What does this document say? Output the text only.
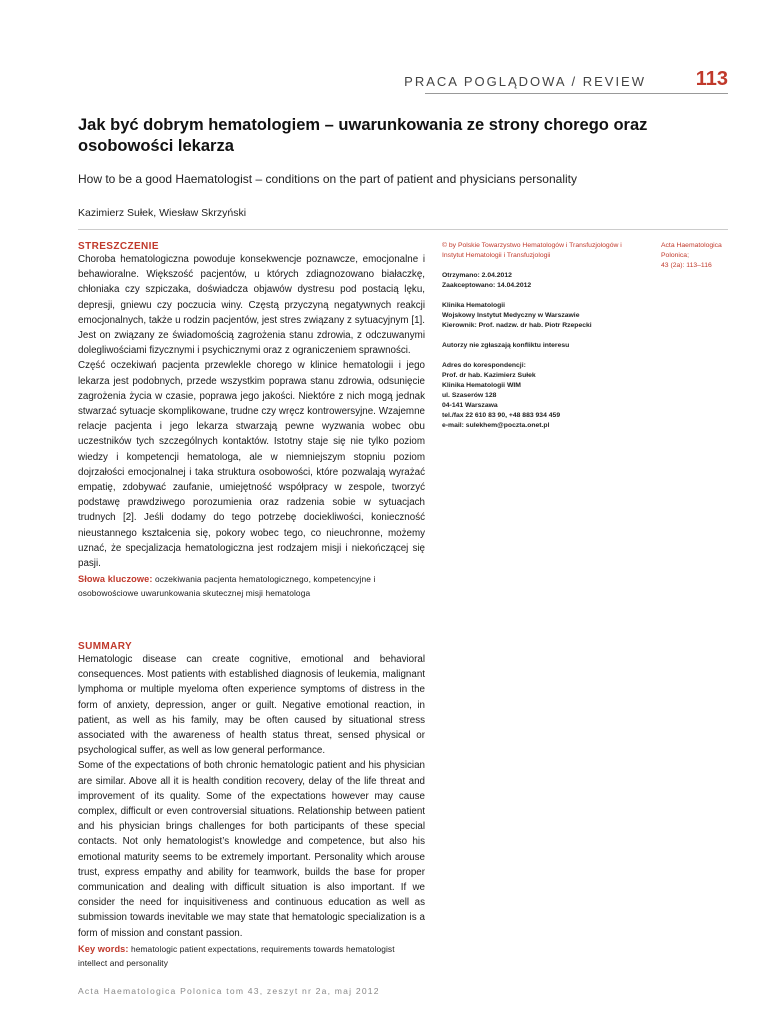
PRACA POGLĄDOWA / REVIEW 113
Jak być dobrym hematologiem – uwarunkowania ze strony chorego oraz osobowości lekarza

How to be a good Haematologist – conditions on the part of patient and physicians personality

Kazimierz Sułek, Wiesław Skrzyński

STRESZCZENIE

Choroba hematologiczna powoduje konsekwencje poznawcze, emocjonalne i behawioralne. Większość pacjentów, u których zdiagnozowano białaczkę, chłoniaka czy szpiczaka, doświadcza objawów dystresu pod postacią lęku, depresji, gniewu czy poczucia winy. Częstą przyczyną negatywnych reakcji emocjonalnych, także u rodzin pacjentów, jest stres związany z sytuacyjnym [1]. Jest on związany ze świadomością zagrożenia stanu zdrowia, z odczuwanymi dolegliwościami fizycznymi i psychicznymi oraz z ograniczeniem sprawności.

Część oczekiwań pacjenta przewlekle chorego w klinice hematologii i jego lekarza jest podobnych, przede wszystkim poprawa stanu zdrowia, odsunięcie zagrożenia życia w czasie, poprawa jego jakości. Niektóre z nich mogą jednak stwarzać sytuacje skomplikowane, trudne czy wręcz kontrowersyjne. Wzajemne relacje pacjenta i jego lekarza stwarzają pewne wyzwania wobec obu uczestników tych szczególnych kontaktów. Istotny staje się nie tylko poziom wiedzy i kompetencji hematologa, ale w niemniejszym stopniu poziom dojrzałości emocjonalnej i taka struktura osobowości, które pozwalają wyrażać empatię, zdobywać zaufanie, umiejętność współpracy w zespole, tworzyć podstawę prawdziwego porozumienia oraz radzenia sobie w sytuacjach trudnych [2]. Jeśli dodamy do tego potrzebę dociekliwości, konieczność nieustannego kształcenia się, pokory wobec tego, co nieuchronne, możemy uznać, że specjalizacja hematologiczna jest rodzajem misji i niekończącej się pasji.

Słowa kluczowe: oczekiwania pacjenta hematologicznego, kompetencyjne i osobowościowe uwarunkowania skutecznej misji hematologa

SUMMARY

Hematologic disease can create cognitive, emotional and behavioral consequences. Most patients with established diagnosis of leukemia, malignant lymphoma or multiple myeloma often experience symptoms of distress in the form of anxiety, depression, anger or guilt. Negative emotional reaction, in patient, as well as his family, may be often caused by situational stress associated with the awareness of health status threat, sensed physical or psychological suffer, as well as low general performance.

Some of the expectations of both chronic hematologic patient and his physician are similar. Above all it is health condition recovery, delay of the life threat and improvement of its quality. Some of the expectations however may cause complex, difficult or even controversial situations. Relationship between patient and his physician brings challenges for both participants of these special contacts. Not only hematologist’s knowledge and competence, but also his emotional maturity seems to be extremely important. Personality which arouse trust, express empathy and ability for teamwork, builds the base for proper communication and dealing with difficult situation is also important. If we consider the need for inquisitiveness and continuous education as well as submission towards inevitable we may state that hematologic specialization is a form of mission and constant passion.

Key words: hematologic patient expectations, requirements towards hematologist intellect and personality

© by Polskie Towarzystwo Hematologów i Transfuzjologów i Instytut Hematologii i Transfuzjologii

Otrzymano: 2.04.2012
Zaakceptowano: 14.04.2012

Klinika Hematologii
Wojskowy Instytut Medyczny w Warszawie
Kierownik: Prof. nadzw. dr hab. Piotr Rzepecki

Autorzy nie zgłaszają konfliktu interesu

Adres do korespondencji:
Prof. dr hab. Kazimierz Sułek
Klinika Hematologii WIM
ul. Szaserów 128
04-141 Warszawa
tel./fax 22 610 83 90, +48 883 934 459
e-mail: sulekhem@poczta.onet.pl

Acta Haematologica Polonica;
43 (2a): 113–116
Acta Haematologica Polonica tom 43, zeszyt nr 2a, maj 2012
